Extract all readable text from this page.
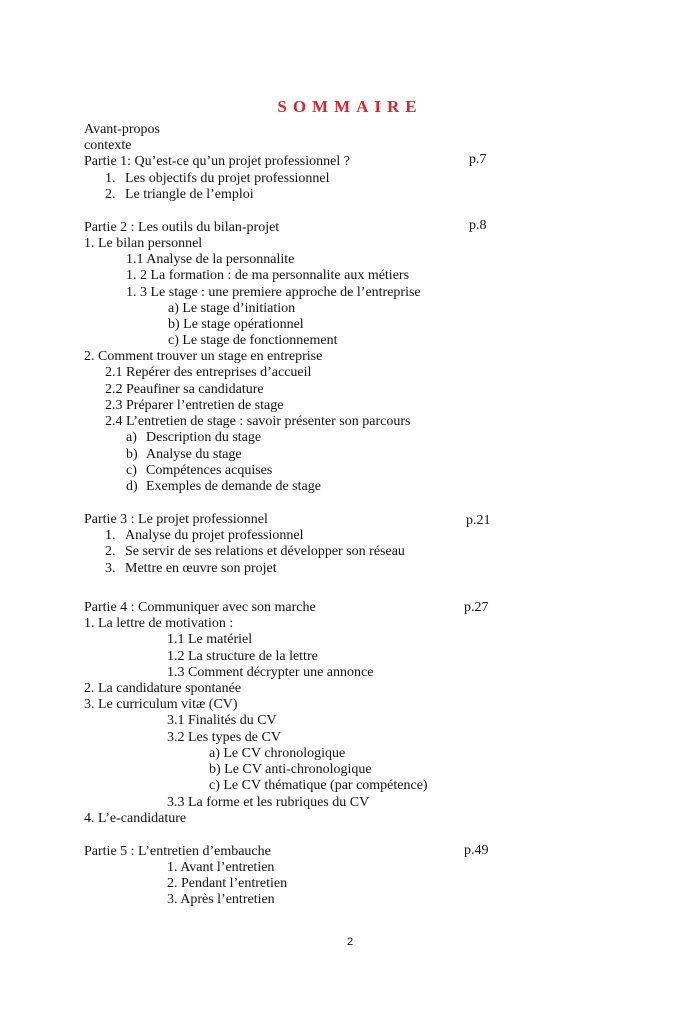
SOMMAIRE
Avant-propos
contexte
Partie 1: Qu’est-ce qu’un projet professionnel ?	p.7
1. Les objectifs du projet professionnel
2. Le triangle de l’emploi
Partie 2 : Les outils du bilan-projet	p.8
1. Le bilan personnel
1.1 Analyse de la personnalite
1. 2 La formation : de ma personnalite aux métiers
1. 3 Le stage : une premiere approche de l’entreprise
a) Le stage d’initiation
b) Le stage opérationnel
c) Le stage de fonctionnement
2. Comment trouver un stage en entreprise
2.1 Repérer des entreprises d’accueil
2.2 Peaufiner sa candidature
2.3 Préparer l’entretien de stage
2.4 L’entretien de stage : savoir présenter son parcours
a) Description du stage
b) Analyse du stage
c) Compétences acquises
d) Exemples de demande de stage
Partie 3 : Le projet professionnel	p.21
1. Analyse du projet professionnel
2. Se servir de ses relations et développer son réseau
3. Mettre en œuvre son projet
Partie 4 : Communiquer avec son marche	p.27
1. La lettre de motivation :
1.1 Le matériel
1.2 La structure de la lettre
1.3 Comment décrypter une annonce
2. La candidature spontanée
3. Le curriculum vitæ (CV)
3.1 Finalités du CV
3.2 Les types de CV
a) Le CV chronologique
b) Le CV anti-chronologique
c) Le CV thématique (par compétence)
3.3 La forme et les rubriques du CV
4. L’e-candidature
Partie 5 : L’entretien d’embauche	p.49
1. Avant l’entretien
2. Pendant l’entretien
3. Après l’entretien
2
